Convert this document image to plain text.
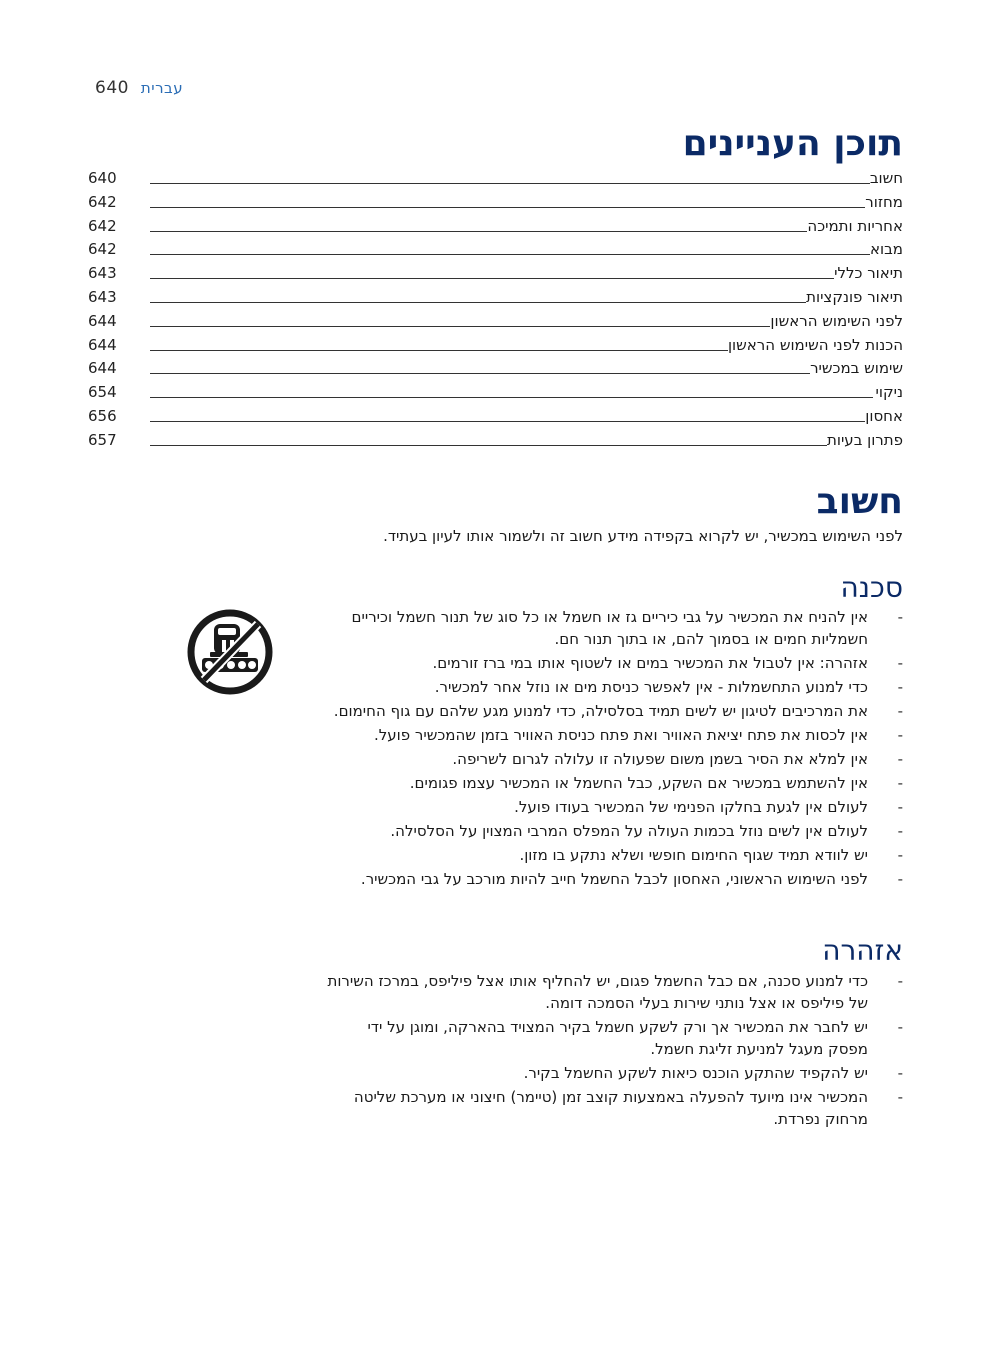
640 עברית
תוכן העניינים
חשוב
640
מחזור
642
אחריות ותמיכה
642
מבוא
642
תיאור כללי
643
תיאור פונקציות
643
לפני השימוש הראשון
644
הכנות לפני השימוש הראשון
644
שימוש במכשיר
644
ניקוי
654
אחסון
656
פתרון בעיות
657
חשוב
לפני השימוש במכשיר, יש לקרוא בקפידה מידע חשוב זה ולשמור אותו לעיון בעתיד.
סכנה
-
אין להניח את המכשיר על גבי כיריים גז או חשמל או כל סוג של תנור חשמל וכיריים חשמליות חמים או בסמוך להם, או בתוך תנור חם.
-
אזהרה: אין לטבול את המכשיר במים או לשטוף אותו במי ברז זורמים.
-
כדי למנוע התחשמלות - אין לאפשר כניסת מים או נוזל אחר למכשיר.
-
את המרכיבים לטיגון יש לשים תמיד בסלסילה, כדי למנוע מגע שלהם עם גוף החימום.
-
אין לכסות את פתח יציאת האוויר ואת פתח כניסת האוויר בזמן שהמכשיר פועל.
-
אין למלא את הסיר בשמן משום שפעולה זו עלולה לגרום לשריפה.
-
אין להשתמש במכשיר אם השקע, כבל החשמל או המכשיר עצמו פגומים.
-
לעולם אין לגעת בחלקו הפנימי של המכשיר בעודו פועל.
-
לעולם אין לשים נוזל בכמות העולה על המפלס המרבי המצוין על הסלסילה.
-
יש לוודא תמיד שגוף החימום חופשי ושלא נתקע בו מזון.
-
לפני השימוש הראשוני, האחסון לכבל החשמל חייב להיות מורכב על גבי המכשיר.
אזהרה
-
כדי למנוע סכנה, אם כבל החשמל פגום, יש להחליף אותו אצל פיליפס, במרכז השירות של פיליפס או אצל נותני שירות בעלי הסמכה דומה.
-
יש לחבר את המכשיר אך ורק לשקע חשמל בקיר המצויד בהארקה, ומוגן על ידי מפסק מעגל למניעת זליגת חשמל.
-
יש להקפיד שהתקע הוכנס כיאות לשקע החשמל בקיר.
-
המכשיר אינו מיועד להפעלה באמצעות קוצב זמן (טיימר) חיצוני או מערכת שליטה מרחוק נפרדת.
